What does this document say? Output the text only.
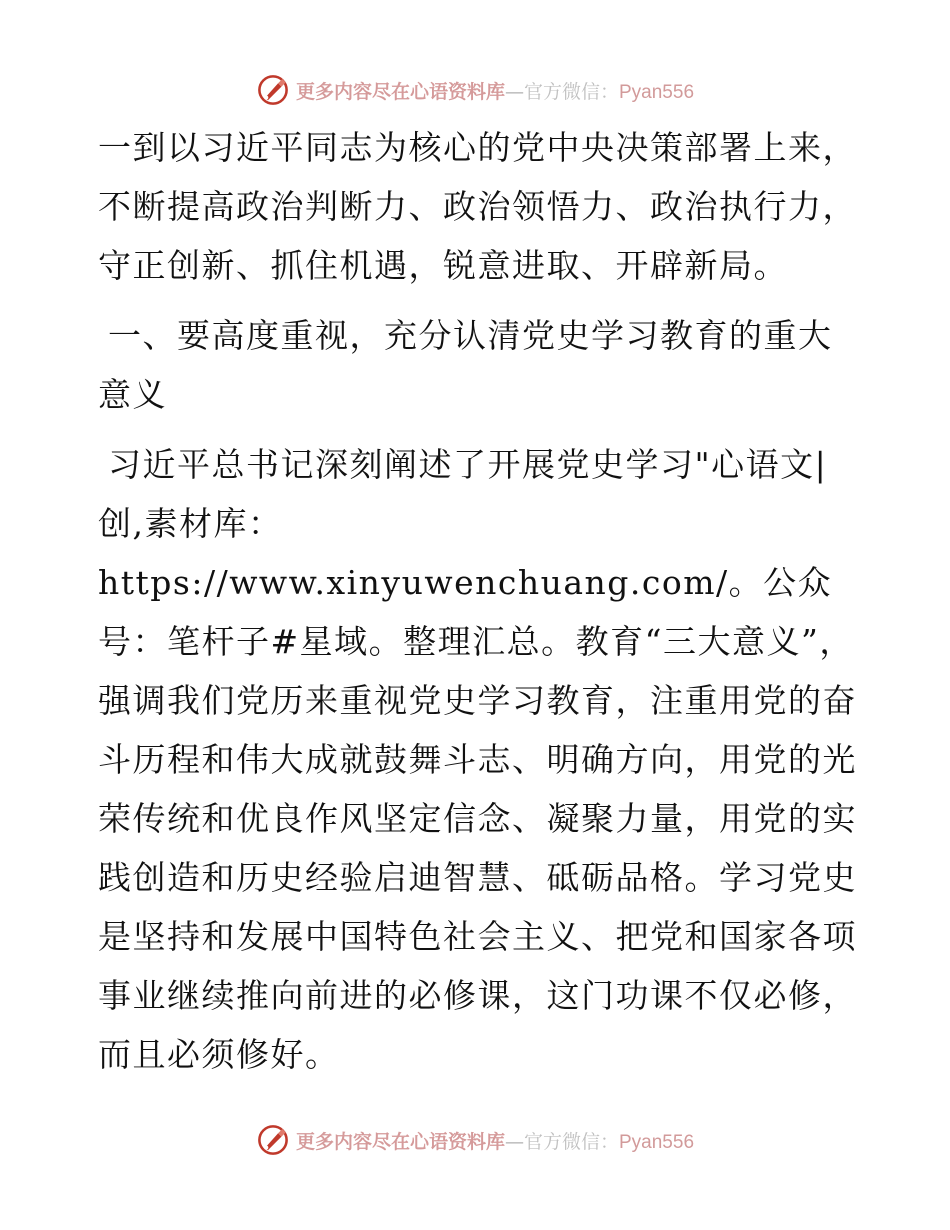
更多内容尽在心语资料库—官方微信：Pyan556

一到以习近平同志为核心的党中央决策部署上来，不断提高政治判断力、政治领悟力、政治执行力，守正创新、抓住机遇，锐意进取、开辟新局。

一、要高度重视，充分认清党史学习教育的重大意义

习近平总书记深刻阐述了开展党史学习"心语文|创,素材库：https://www.xinyuwenchuang.com/。公众号：笔杆子#星域。整理汇总。教育“三大意义”，强调我们党历来重视党史学习教育，注重用党的奋斗历程和伟大成就鼓舞斗志、明确方向，用党的光荣传统和优良作风坚定信念、凝聚力量，用党的实践创造和历史经验启迪智慧、砥砺品格。学习党史是坚持和发展中国特色社会主义、把党和国家各项事业继续推向前进的必修课，这门功课不仅必修，而且必须修好。

更多内容尽在心语资料库—官方微信：Pyan556
